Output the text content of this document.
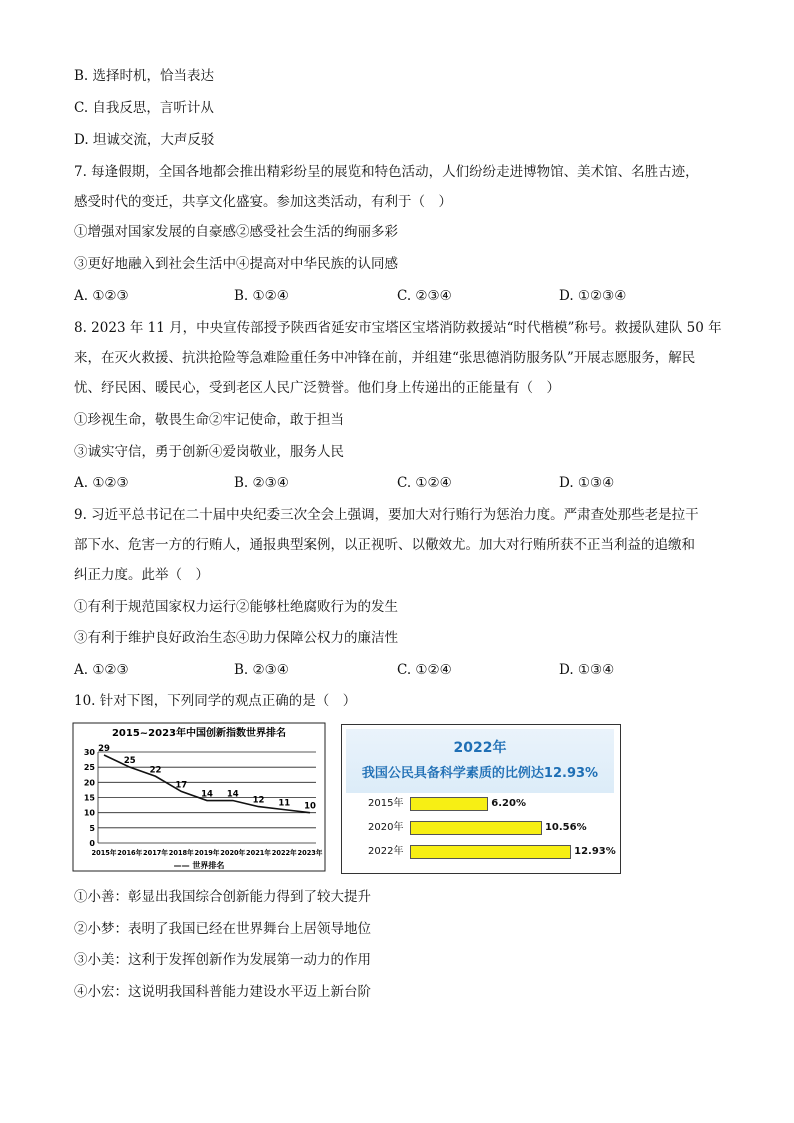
B. 选择时机，恰当表达
C. 自我反思，言听计从
D. 坦诚交流，大声反驳
7. 每逢假期，全国各地都会推出精彩纷呈的展览和特色活动，人们纷纷走进博物馆、美术馆、名胜古迹，
感受时代的变迁，共享文化盛宴。参加这类活动，有利于（　）
①增强对国家发展的自豪感②感受社会生活的绚丽多彩
③更好地融入到社会生活中④提高对中华民族的认同感
A. ①②③	B. ①②④	C. ②③④	D. ①②③④
8. 2023 年 11 月，中央宣传部授予陕西省延安市宝塔区宝塔消防救援站“时代楷模”称号。救援队建队 50 年
来，在灭火救援、抗洪抢险等急难险重任务中冲锋在前，并组建“张思德消防服务队”开展志愿服务，解民
忧、纾民困、暖民心，受到老区人民广泛赞誉。他们身上传递出的正能量有（　）
①珍视生命，敬畏生命②牢记使命，敢于担当
③诚实守信，勇于创新④爱岗敬业，服务人民
A. ①②③	B. ②③④	C. ①②④	D. ①③④
9. 习近平总书记在二十届中央纪委三次全会上强调，要加大对行贿行为惩治力度。严肃查处那些老是拉干
部下水、危害一方的行贿人，通报典型案例，以正视听、以儆效尤。加大对行贿所获不正当利益的追缴和
纠正力度。此举（　）
①有利于规范国家权力运行②能够杜绝腐败行为的发生
③有利于维护良好政治生态④助力保障公权力的廉洁性
A. ①②③	B. ②③④	C. ①②④	D. ①③④
10. 针对下图，下列同学的观点正确的是（　）
2015~2023年中国创新指数世界排名
30
25
20
15
10
5
0
2015年 2016年 2017年 2018年 2019年 2020年 2021年 2022年 2023年
29
25
22
17
14 14
12 11 10
—— 世界排名
2022年
我国公民具备科学素质的比例达12.93%
2015年	6.20%
2020年	10.56%
2022年	12.93%
①小善：彰显出我国综合创新能力得到了较大提升
②小梦：表明了我国已经在世界舞台上居领导地位
③小美：这利于发挥创新作为发展第一动力的作用
④小宏：这说明我国科普能力建设水平迈上新台阶
